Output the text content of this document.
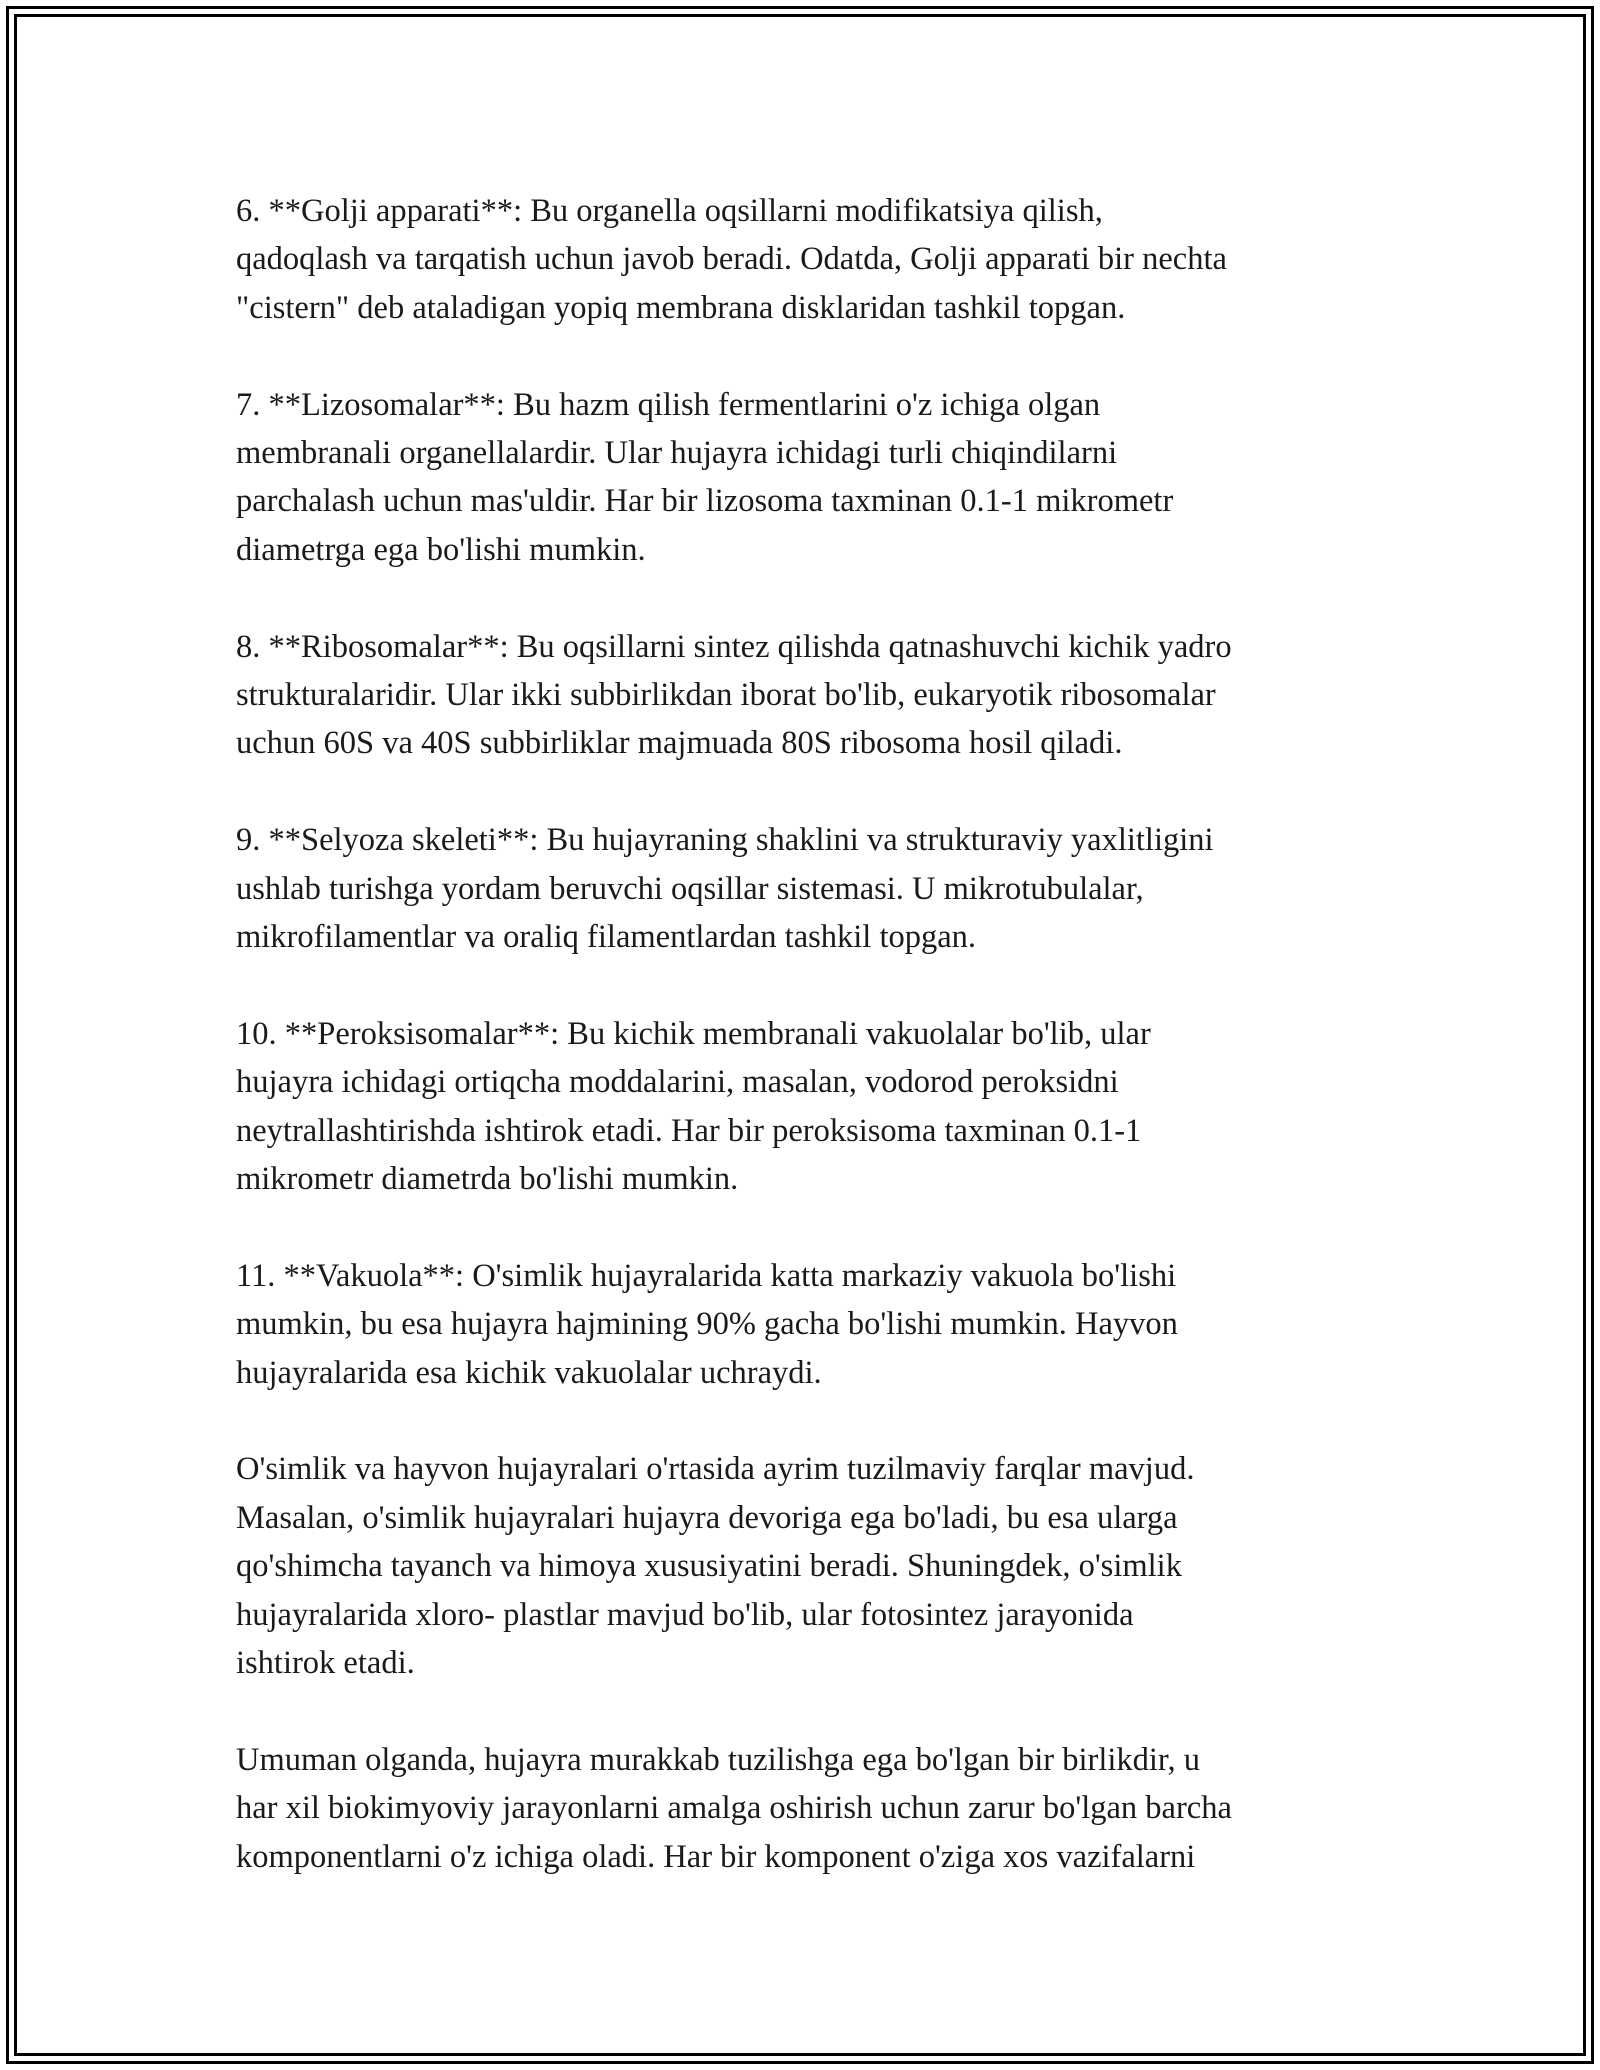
6. **Golji apparati**: Bu organella oqsillarni modifikatsiya qilish,
qadoqlash va tarqatish uchun javob beradi. Odatda, Golji apparati bir nechta
"cistern" deb ataladigan yopiq membrana disklaridan tashkil topgan.

7. **Lizosomalar**: Bu hazm qilish fermentlarini o'z ichiga olgan
membranali organellalardir. Ular hujayra ichidagi turli chiqindilarni
parchalash uchun mas'uldir. Har bir lizosoma taxminan 0.1-1 mikrometr
diametrga ega bo'lishi mumkin.

8. **Ribosomalar**: Bu oqsillarni sintez qilishda qatnashuvchi kichik yadro
strukturalaridir. Ular ikki subbirlikdan iborat bo'lib, eukaryotik ribosomalar
uchun 60S va 40S subbirliklar majmuada 80S ribosoma hosil qiladi.

9. **Selyoza skeleti**: Bu hujayraning shaklini va strukturaviy yaxlitligini
ushlab turishga yordam beruvchi oqsillar sistemasi. U mikrotubulalar,
mikrofilamentlar va oraliq filamentlardan tashkil topgan.

10. **Peroksisomalar**: Bu kichik membranali vakuolalar bo'lib, ular
hujayra ichidagi ortiqcha moddalarini, masalan, vodorod peroksidni
neytrallashtirishda ishtirok etadi. Har bir peroksisoma taxminan 0.1-1
mikrometr diametrda bo'lishi mumkin.

11. **Vakuola**: O'simlik hujayralarida katta markaziy vakuola bo'lishi
mumkin, bu esa hujayra hajmining 90% gacha bo'lishi mumkin. Hayvon
hujayralarida esa kichik vakuolalar uchraydi.

O'simlik va hayvon hujayralari o'rtasida ayrim tuzilmaviy farqlar mavjud.
Masalan, o'simlik hujayralari hujayra devoriga ega bo'ladi, bu esa ularga
qo'shimcha tayanch va himoya xususiyatini beradi. Shuningdek, o'simlik
hujayralarida xloro- plastlar mavjud bo'lib, ular fotosintez jarayonida
ishtirok etadi.

Umuman olganda, hujayra murakkab tuzilishga ega bo'lgan bir birlikdir, u
har xil biokimyoviy jarayonlarni amalga oshirish uchun zarur bo'lgan barcha
komponentlarni o'z ichiga oladi. Har bir komponent o'ziga xos vazifalarni
